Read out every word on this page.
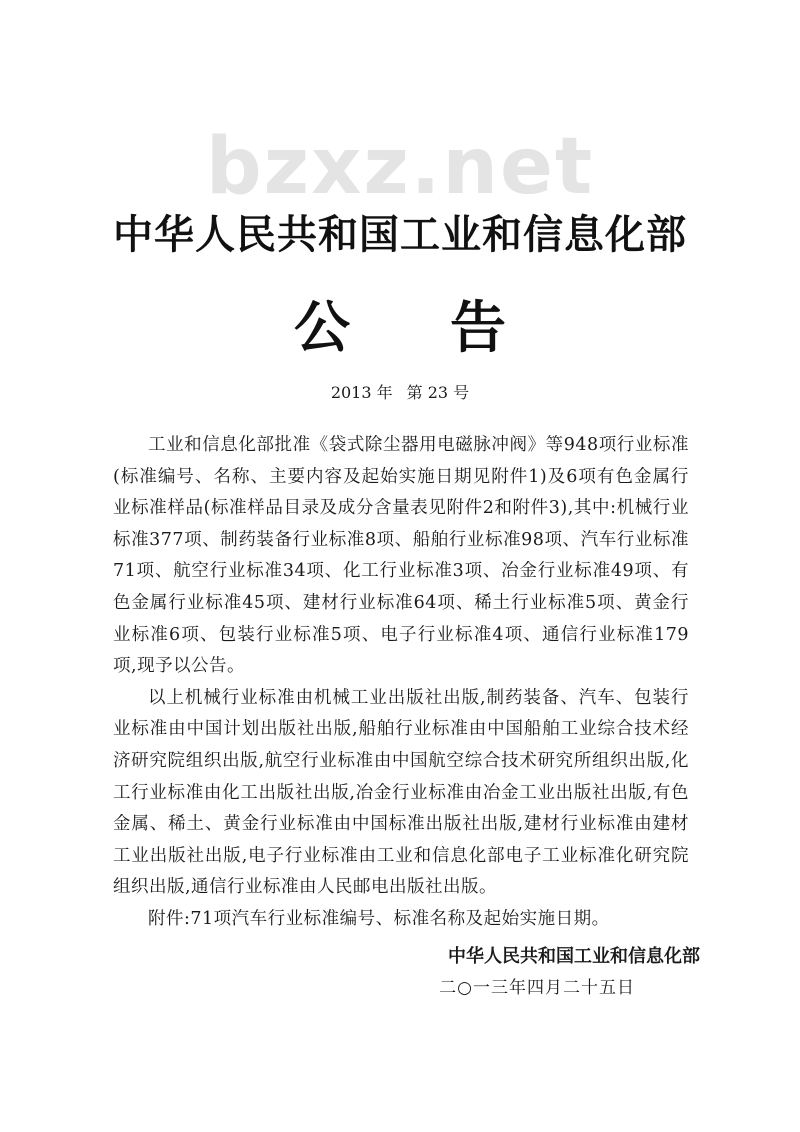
bzxz.net
中华人民共和国工业和信息化部
公告
2013 年 第 23 号

工业和信息化部批准《袋式除尘器用电磁脉冲阀》等948项行业标准(标准编号、名称、主要内容及起始实施日期见附件1)及6项有色金属行业标准样品(标准样品目录及成分含量表见附件2和附件3),其中:机械行业标准377项、制药装备行业标准8项、船舶行业标准98项、汽车行业标准71项、航空行业标准34项、化工行业标准3项、冶金行业标准49项、有色金属行业标准45项、建材行业标准64项、稀土行业标准5项、黄金行业标准6项、包装行业标准5项、电子行业标准4项、通信行业标准179项,现予以公告。

以上机械行业标准由机械工业出版社出版,制药装备、汽车、包装行业标准由中国计划出版社出版,船舶行业标准由中国船舶工业综合技术经济研究院组织出版,航空行业标准由中国航空综合技术研究所组织出版,化工行业标准由化工出版社出版,冶金行业标准由冶金工业出版社出版,有色金属、稀土、黄金行业标准由中国标准出版社出版,建材行业标准由建材工业出版社出版,电子行业标准由工业和信息化部电子工业标准化研究院组织出版,通信行业标准由人民邮电出版社出版。

附件:71项汽车行业标准编号、标准名称及起始实施日期。

中华人民共和国工业和信息化部
二○一三年四月二十五日
